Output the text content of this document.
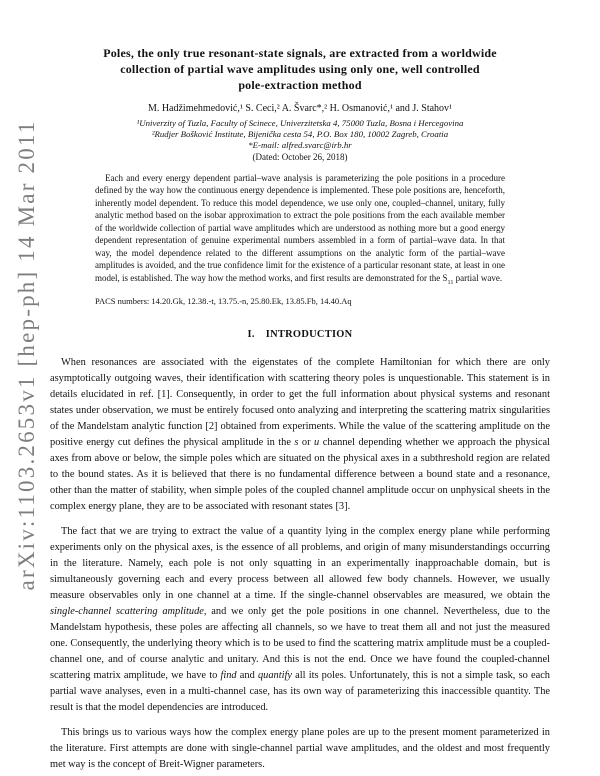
arXiv:1103.2653v1 [hep-ph] 14 Mar 2011
Poles, the only true resonant-state signals, are extracted from a worldwide
collection of partial wave amplitudes using only one, well controlled
pole-extraction method
M. Hadžimehmedović,¹ S. Ceci,² A. Švarc*,² H. Osmanović,¹ and J. Stahov¹
¹Univerzity of Tuzla, Faculty of Scinece, Univerzitetska 4, 75000 Tuzla, Bosna i Hercegovina
²Rudjer Bošković Institute, Bijenička cesta 54, P.O. Box 180, 10002 Zagreb, Croatia
*E-mail: alfred.svarc@irb.hr
(Dated: October 26, 2018)
Each and every energy dependent partial–wave analysis is parameterizing the pole positions in a procedure defined by the way how the continuous energy dependence is implemented. These pole positions are, henceforth, inherently model dependent. To reduce this model dependence, we use only one, coupled–channel, unitary, fully analytic method based on the isobar approximation to extract the pole positions from the each available member of the worldwide collection of partial wave amplitudes which are understood as nothing more but a good energy dependent representation of genuine experimental numbers assembled in a form of partial–wave data. In that way, the model dependence related to the different assumptions on the analytic form of the partial–wave amplitudes is avoided, and the true confidence limit for the existence of a particular resonant state, at least in one model, is established. The way how the method works, and first results are demonstrated for the $S_{11}$ partial wave.
PACS numbers: 14.20.Gk, 12.38.-t, 13.75.-n, 25.80.Ek, 13.85.Fb, 14.40.Aq
I. INTRODUCTION

When resonances are associated with the eigenstates of the complete Hamiltonian for which there are only asymptotically outgoing waves, their identification with scattering theory poles is unquestionable. This statement is in details elucidated in ref. [1]. Consequently, in order to get the full information about physical systems and resonant states under observation, we must be entirely focused onto analyzing and interpreting the scattering matrix singularities of the Mandelstam analytic function [2] obtained from experiments. While the value of the scattering amplitude on the positive energy cut defines the physical amplitude in the s or u channel depending whether we approach the physical axes from above or below, the simple poles which are situated on the physical axes in a subthreshold region are related to the bound states. As it is believed that there is no fundamental difference between a bound state and a resonance, other than the matter of stability, when simple poles of the coupled channel amplitude occur on unphysical sheets in the complex energy plane, they are to be associated with resonant states [3].

The fact that we are trying to extract the value of a quantity lying in the complex energy plane while performing experiments only on the physical axes, is the essence of all problems, and origin of many misunderstandings occurring in the literature. Namely, each pole is not only squatting in an experimentally inapproachable domain, but is simultaneously governing each and every process between all allowed few body channels. However, we usually measure observables only in one channel at a time. If the single-channel observables are measured, we obtain the single-channel scattering amplitude, and we only get the pole positions in one channel. Nevertheless, due to the Mandelstam hypothesis, these poles are affecting all channels, so we have to treat them all and not just the measured one. Consequently, the underlying theory which is to be used to find the scattering matrix amplitude must be a coupled-channel one, and of course analytic and unitary. And this is not the end. Once we have found the coupled-channel scattering matrix amplitude, we have to find and quantify all its poles. Unfortunately, this is not a simple task, so each partial wave analyses, even in a multi-channel case, has its own way of parameterizing this inaccessible quantity. The result is that the model dependencies are introduced.

This brings us to various ways how the complex energy plane poles are up to the present moment parameterized in the literature. First attempts are done with single-channel partial wave amplitudes, and the oldest and most frequently met way is the concept of Breit-Wigner parameters.
